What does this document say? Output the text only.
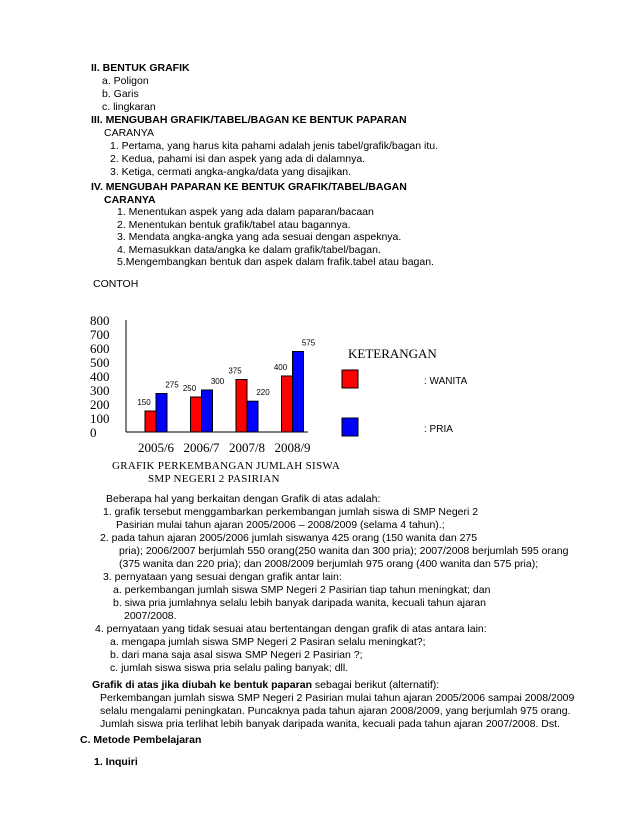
II. BENTUK GRAFIK
a. Poligon
b. Garis
c. lingkaran
III. MENGUBAH GRAFIK/TABEL/BAGAN KE BENTUK PAPARAN
CARANYA
1. Pertama, yang harus kita pahami adalah jenis tabel/grafik/bagan itu.
2. Kedua, pahami isi dan aspek yang ada di dalamnya.
3. Ketiga, cermati angka-angka/data yang disajikan.
IV. MENGUBAH PAPARAN KE BENTUK GRAFIK/TABEL/BAGAN
CARANYA
1. Menentukan aspek yang ada dalam paparan/bacaan
2. Menentukan bentuk grafik/tabel atau bagannya.
3. Mendata angka-angka yang ada sesuai dengan aspeknya.
4. Memasukkan data/angka ke dalam grafik/tabel/bagan.
5.Mengembangkan bentuk dan aspek dalam frafik.tabel atau bagan.
CONTOH
0
100
200
300
400
500
600
700
800
150
275
2005/6
250
300
2006/7
375
220
2007/8
400
575
2008/9
KETERANGAN
: WANITA
: PRIA
GRAFIK PERKEMBANGAN JUMLAH SISWA
SMP NEGERI 2 PASIRIAN
Beberapa hal yang berkaitan dengan Grafik di atas adalah:
1. grafik tersebut menggambarkan perkembangan jumlah siswa di SMP Negeri 2
Pasirian mulai tahun ajaran 2005/2006 – 2008/2009 (selama 4 tahun).;
2. pada tahun ajaran 2005/2006 jumlah siswanya 425 orang (150 wanita dan 275
pria); 2006/2007 berjumlah 550 orang(250 wanita dan 300 pria); 2007/2008 berjumlah 595 orang
(375 wanita dan 220 pria); dan 2008/2009 berjumlah 975 orang (400 wanita dan 575 pria);
3. pernyataan yang sesuai dengan grafik antar lain:
a. perkembangan jumlah siswa SMP Negeri 2 Pasirian tiap tahun meningkat; dan
b. siwa pria jumlahnya selalu lebih banyak daripada wanita, kecuali tahun ajaran
2007/2008.
4. pernyataan yang tidak sesuai atau bertentangan dengan grafik di atas antara lain:
a. mengapa jumlah siswa SMP Negeri 2 Pasiran selalu meningkat?;
b. dari mana saja asal siswa SMP Negeri 2 Pasirian ?;
c. jumlah siswa siswa pria selalu paling banyak; dll.
Grafik di atas jika diubah ke bentuk paparan sebagai berikut (alternatif):
Perkembangan jumlah siswa SMP Negeri 2 Pasirian mulai tahun ajaran 2005/2006 sampai 2008/2009
selalu mengalami peningkatan. Puncaknya pada tahun ajaran 2008/2009, yang berjumlah 975 orang.
Jumlah siswa pria terlihat lebih banyak daripada wanita, kecuali pada tahun ajaran 2007/2008. Dst.
C. Metode Pembelajaran
1. Inquiri
